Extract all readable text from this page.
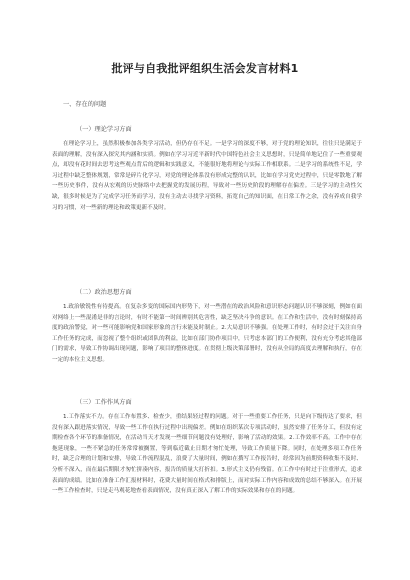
批评与自我批评组织生活会发言材料1
一、存在的问题
（一）理论学习方面
在理论学习上，虽然积极参加各类学习活动，但仍存在不足。一是学习的深度不够，对于党的理论知识，往往只是满足于表面的理解，没有深入探究其内涵和实质。例如在学习习近平新时代中国特色社会主义思想时，只是简单地记住了一些重要观点，却没有花时间去思考这些观点背后的逻辑和实践意义，不能很好地将理论与实际工作相联系。二是学习的系统性不足，学习过程中缺乏整体规划，常常是碎片化学习，对党的理论体系没有形成完整的认识，比如在学习党史过程中，只是零散地了解一些历史事件，没有从宏观的历史脉络中去把握党的发展历程，导致对一些历史阶段的理解存在偏差。三是学习的主动性欠缺，很多时候是为了完成学习任务而学习，没有主动去寻找学习资料，拓宽自己的知识面，在日常工作之余，没有养成自我学习的习惯，对一些新的理论和政策更新不及时。
（二）政治思想方面
1.政治敏锐性有待提高。在复杂多变的国际国内形势下，对一些潜在的政治风险和意识形态问题认识不够深刻，例如在面对网络上一些混淆是非的言论时，有时不能第一时间辨别其危害性，缺乏坚决斗争的意识。在工作和生活中，没有时刻保持高度的政治警觉，对一些可能影响党和国家形象的言行未能及时制止。2.大局意识不够强。在处理工作时，有时会过于关注自身工作任务的完成，而忽视了整个组织或团队的利益，比如在部门协作项目中，只考虑本部门的工作便利，没有充分考虑其他部门的需求，导致工作协调出现问题，影响了项目的整体进度。在贯彻上级决策部署时，没有从全局的高度去理解和执行，存在一定的本位主义思想。
（三）工作作风方面
1.工作落实不力。存在工作布置多、检查少，重结果轻过程的问题。对于一些重要工作任务，只是向下级传达了要求，但没有深入跟进落实情况，导致一些工作在执行过程中出现偏差。例如在组织某次专项活动时，虽然安排了任务分工，但没有定期检查各个环节的准备情况，在活动当天才发现一些细节问题没有处理好，影响了活动的效果。2.工作效率不高。工作中存在拖延现象，一些不紧急的任务常常被搁置，等到临近截止日期才匆忙处理，导致工作质量下降。同时，在处理多项工作任务时，缺乏合理的计划和安排，导致工作流程混乱，浪费了大量时间，例如在撰写工作报告时，经常因为前期资料收集不及时、分析不深入，而在最后期限才匆忙拼凑内容，报告的质量大打折扣。3.形式主义仍有残留。在工作中有时过于注重形式，追求表面的成绩。比如在准备工作汇报材料时，花费大量时间在格式和排版上，而对实际工作内容和成效的总结不够深入。在开展一些工作检查时，只是走马观花地查看表面情况，没有真正深入了解工作的实际效果和存在的问题。
